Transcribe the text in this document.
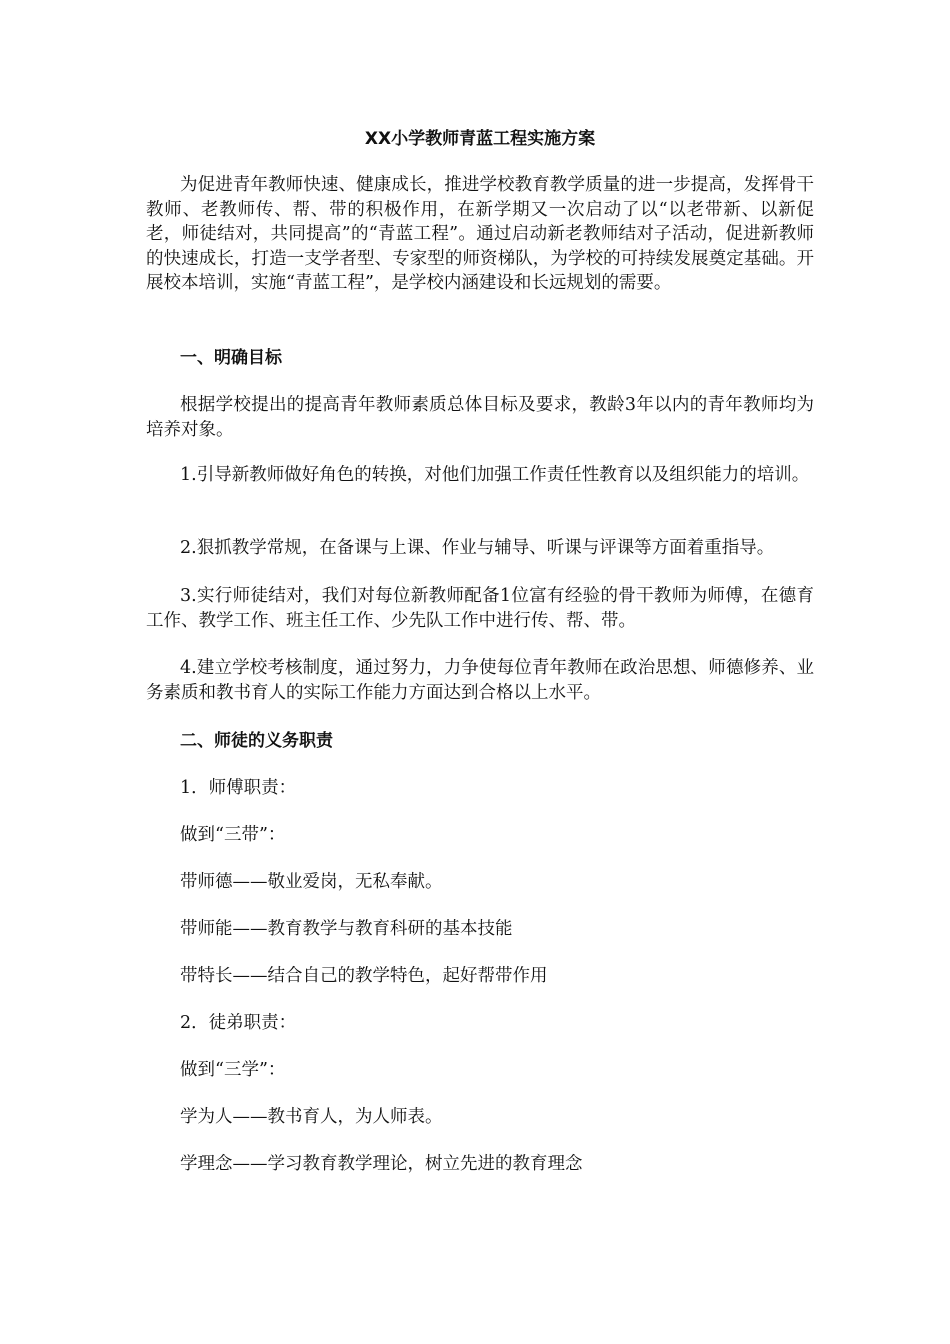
XX小学教师青蓝工程实施方案

为促进青年教师快速、健康成长，推进学校教育教学质量的进一步提高，发挥骨干教师、老教师传、帮、带的积极作用，在新学期又一次启动了以“以老带新、以新促老，师徒结对，共同提高”的“青蓝工程”。通过启动新老教师结对子活动，促进新教师的快速成长，打造一支学者型、专家型的师资梯队，为学校的可持续发展奠定基础。开展校本培训，实施“青蓝工程”，是学校内涵建设和长远规划的需要。

一、明确目标

根据学校提出的提高青年教师素质总体目标及要求，教龄3年以内的青年教师均为培养对象。

1.引导新教师做好角色的转换，对他们加强工作责任性教育以及组织能力的培训。

2.狠抓教学常规，在备课与上课、作业与辅导、听课与评课等方面着重指导。

3.实行师徒结对，我们对每位新教师配备1位富有经验的骨干教师为师傅，在德育工作、教学工作、班主任工作、少先队工作中进行传、帮、带。

4.建立学校考核制度，通过努力，力争使每位青年教师在政治思想、师德修养、业务素质和教书育人的实际工作能力方面达到合格以上水平。

二、师徒的义务职责

1．师傅职责：

做到“三带”：

带师德——敬业爱岗，无私奉献。

带师能——教育教学与教育科研的基本技能

带特长——结合自己的教学特色，起好帮带作用

2．徒弟职责：

做到“三学”：

学为人——教书育人，为人师表。

学理念——学习教育教学理论，树立先进的教育理念
